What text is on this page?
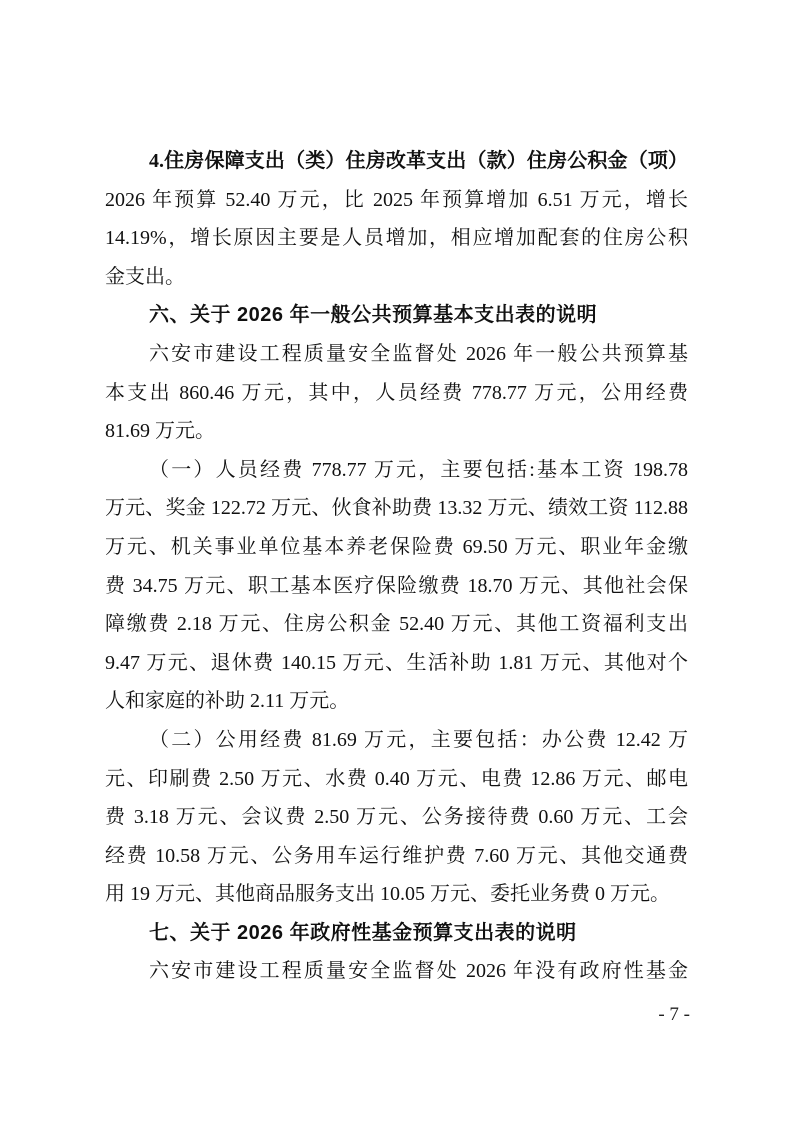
4.住房保障支出（类）住房改革支出（款）住房公积金（项）
2026 年预算 52.40 万元，比 2025 年预算增加 6.51 万元，增长
14.19%，增长原因主要是人员增加，相应增加配套的住房公积
金支出。
六、关于 2026 年一般公共预算基本支出表的说明
六安市建设工程质量安全监督处 2026 年一般公共预算基
本支出 860.46 万元，其中，人员经费 778.77 万元，公用经费
81.69 万元。
（一）人员经费 778.77 万元，主要包括:基本工资 198.78
万元、奖金 122.72 万元、伙食补助费 13.32 万元、绩效工资 112.88
万元、机关事业单位基本养老保险费 69.50 万元、职业年金缴
费 34.75 万元、职工基本医疗保险缴费 18.70 万元、其他社会保
障缴费 2.18 万元、住房公积金 52.40 万元、其他工资福利支出
9.47 万元、退休费 140.15 万元、生活补助 1.81 万元、其他对个
人和家庭的补助 2.11 万元。
（二）公用经费 81.69 万元，主要包括：办公费 12.42 万
元、印刷费 2.50 万元、水费 0.40 万元、电费 12.86 万元、邮电
费 3.18 万元、会议费 2.50 万元、公务接待费 0.60 万元、工会
经费 10.58 万元、公务用车运行维护费 7.60 万元、其他交通费
用 19 万元、其他商品服务支出 10.05 万元、委托业务费 0 万元。
七、关于 2026 年政府性基金预算支出表的说明
六安市建设工程质量安全监督处 2026 年没有政府性基金
- 7 -
